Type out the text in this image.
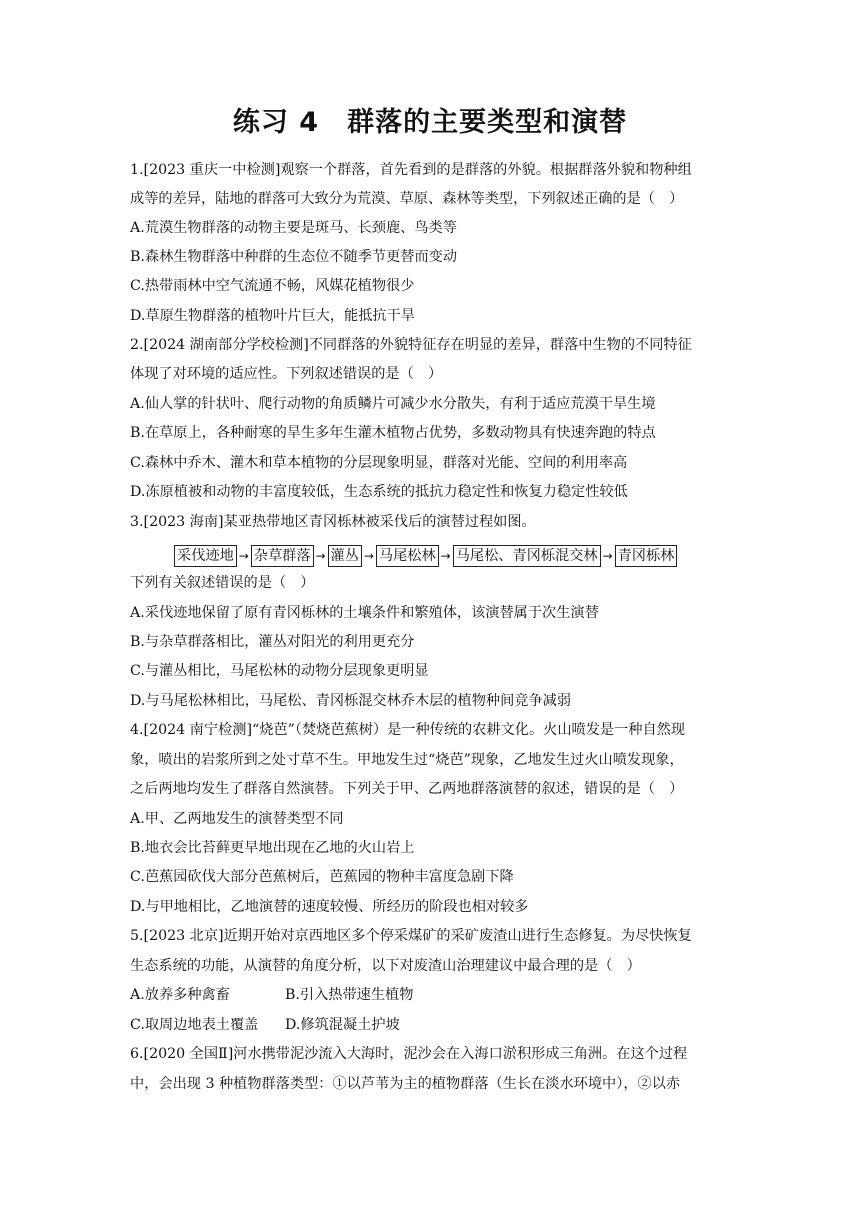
练习 4　群落的主要类型和演替
1.[2023 重庆一中检测]观察一个群落，首先看到的是群落的外貌。根据群落外貌和物种组
成等的差异，陆地的群落可大致分为荒漠、草原、森林等类型，下列叙述正确的是（　）
A.荒漠生物群落的动物主要是斑马、长颈鹿、鸟类等
B.森林生物群落中种群的生态位不随季节更替而变动
C.热带雨林中空气流通不畅，风媒花植物很少
D.草原生物群落的植物叶片巨大，能抵抗干旱
2.[2024 湖南部分学校检测]不同群落的外貌特征存在明显的差异，群落中生物的不同特征
体现了对环境的适应性。下列叙述错误的是（　）
A.仙人掌的针状叶、爬行动物的角质鳞片可减少水分散失，有利于适应荒漠干旱生境
B.在草原上，各种耐寒的旱生多年生灌木植物占优势，多数动物具有快速奔跑的特点
C.森林中乔木、灌木和草本植物的分层现象明显，群落对光能、空间的利用率高
D.冻原植被和动物的丰富度较低，生态系统的抵抗力稳定性和恢复力稳定性较低
3.[2023 海南]某亚热带地区青冈栎林被采伐后的演替过程如图。
采伐迹地 → 杂草群落 → 灌丛 → 马尾松林 → 马尾松、青冈栎混交林 → 青冈栎林
下列有关叙述错误的是（　）
A.采伐迹地保留了原有青冈栎林的土壤条件和繁殖体，该演替属于次生演替
B.与杂草群落相比，灌丛对阳光的利用更充分
C.与灌丛相比，马尾松林的动物分层现象更明显
D.与马尾松林相比，马尾松、青冈栎混交林乔木层的植物种间竞争减弱
4.[2024 南宁检测]“烧芭”（焚烧芭蕉树）是一种传统的农耕文化。火山喷发是一种自然现
象，喷出的岩浆所到之处寸草不生。甲地发生过“烧芭”现象，乙地发生过火山喷发现象，
之后两地均发生了群落自然演替。下列关于甲、乙两地群落演替的叙述，错误的是（　）
A.甲、乙两地发生的演替类型不同
B.地衣会比苔藓更早地出现在乙地的火山岩上
C.芭蕉园砍伐大部分芭蕉树后，芭蕉园的物种丰富度急剧下降
D.与甲地相比，乙地演替的速度较慢、所经历的阶段也相对较多
5.[2023 北京]近期开始对京西地区多个停采煤矿的采矿废渣山进行生态修复。为尽快恢复
生态系统的功能，从演替的角度分析，以下对废渣山治理建议中最合理的是（　）
A.放养多种禽畜	B.引入热带速生植物
C.取周边地表土覆盖 D.修筑混凝土护坡
6.[2020 全国Ⅱ]河水携带泥沙流入大海时，泥沙会在入海口淤积形成三角洲。在这个过程
中，会出现 3 种植物群落类型：①以芦苇为主的植物群落（生长在淡水环境中），②以赤
